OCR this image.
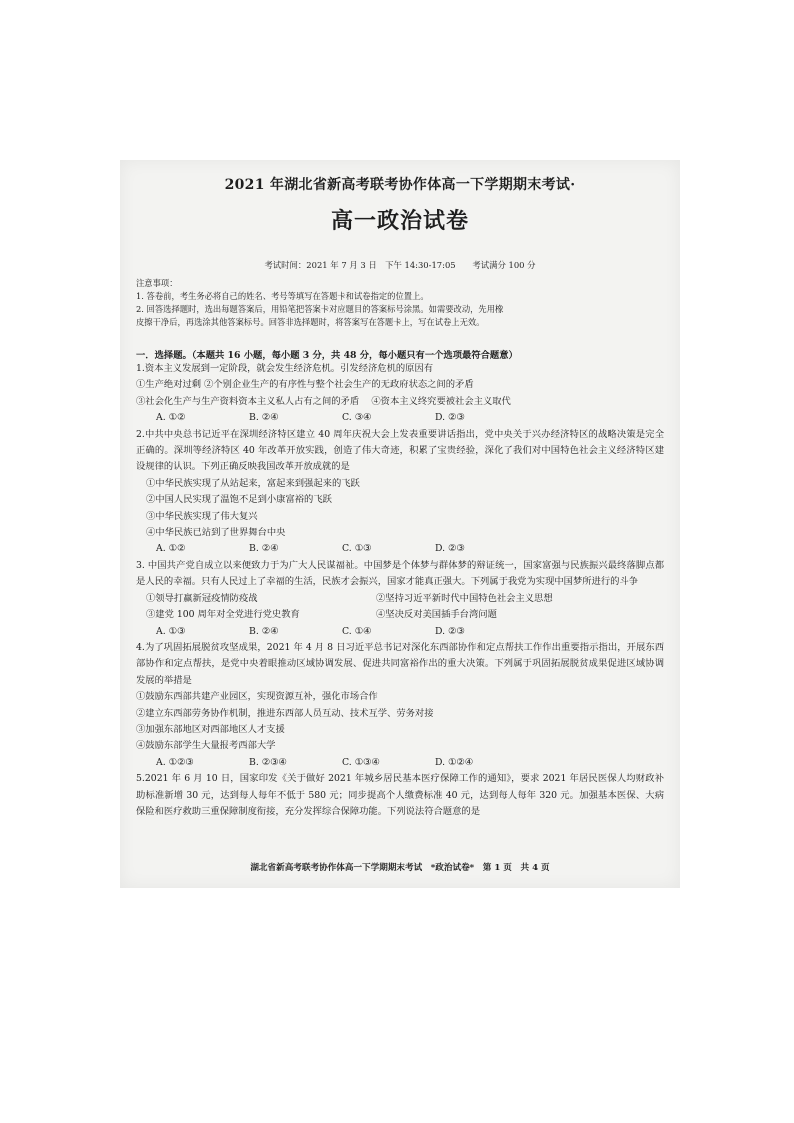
2021 年湖北省新高考联考协作体高一下学期期末考试·
高一政治试卷
考试时间：2021 年 7 月 3 日　下午 14:30-17:05　　考试满分 100 分
注意事项：
1. 答卷前，考生务必将自己的姓名、考号等填写在答题卡和试卷指定的位置上。
2. 回答选择题时，选出每题答案后，用铅笔把答案卡对应题目的答案标号涂黑。如需要改动，先用橡
皮擦干净后，再选涂其他答案标号。回答非选择题时，将答案写在答题卡上，写在试卷上无效。
一．选择题。（本题共 16 小题，每小题 3 分，共 48 分，每小题只有一个选项最符合题意）
1.资本主义发展到一定阶段，就会发生经济危机。引发经济危机的原因有
①生产绝对过剩 ②个别企业生产的有序性与整个社会生产的无政府状态之间的矛盾
③社会化生产与生产资料资本主义私人占有之间的矛盾　 ④资本主义终究要被社会主义取代
A. ①②	B. ②④	C. ③④	D. ②③
2.中共中央总书记近平在深圳经济特区建立 40 周年庆祝大会上发表重要讲话指出，党中央关于兴办经济特区的战略决策是完全正确的。深圳等经济特区 40 年改革开放实践，创造了伟大奇迹，积累了宝贵经验，深化了我们对中国特色社会主义经济特区建设规律的认识。下列正确反映我国改革开放成就的是
①中华民族实现了从站起来，富起来到强起来的飞跃
②中国人民实现了温饱不足到小康富裕的飞跃
③中华民族实现了伟大复兴
④中华民族已站到了世界舞台中央
A. ①②	B. ②④	C. ①③	D. ②③
3. 中国共产党自成立以来便致力于为广大人民谋福祉。中国梦是个体梦与群体梦的辩证统一，国家富强与民族振兴最终落脚点都是人民的幸福。只有人民过上了幸福的生活，民族才会振兴，国家才能真正强大。下列属于我党为实现中国梦所进行的斗争
①领导打赢新冠疫情防疫战	②坚持习近平新时代中国特色社会主义思想
③建党 100 周年对全党进行党史教育	④坚决反对美国插手台湾问题
A. ①③	B. ②④	C. ①④	D. ②③
4.为了巩固拓展脱贫攻坚成果，2021 年 4 月 8 日习近平总书记对深化东西部协作和定点帮扶工作作出重要指示指出，开展东西部协作和定点帮扶，是党中央着眼推动区域协调发展、促进共同富裕作出的重大决策。下列属于巩固拓展脱贫成果促进区域协调发展的举措是
①鼓励东西部共建产业园区，实现资源互补，强化市场合作
②建立东西部劳务协作机制，推进东西部人员互动、技术互学、劳务对接
③加强东部地区对西部地区人才支援
④鼓励东部学生大量报考西部大学
A. ①②③	B. ②③④	C. ①③④	D. ①②④
5.2021 年 6 月 10 日，国家印发《关于做好 2021 年城乡居民基本医疗保障工作的通知》，要求 2021 年居民医保人均财政补助标准新增 30 元，达到每人每年不低于 580 元；同步提高个人缴费标准 40 元，达到每人每年 320 元。加强基本医保、大病保险和医疗救助三重保障制度衔接，充分发挥综合保障功能。下列说法符合题意的是
湖北省新高考联考协作体高一下学期期末考试　*政治试卷*　第 1 页　共 4 页
